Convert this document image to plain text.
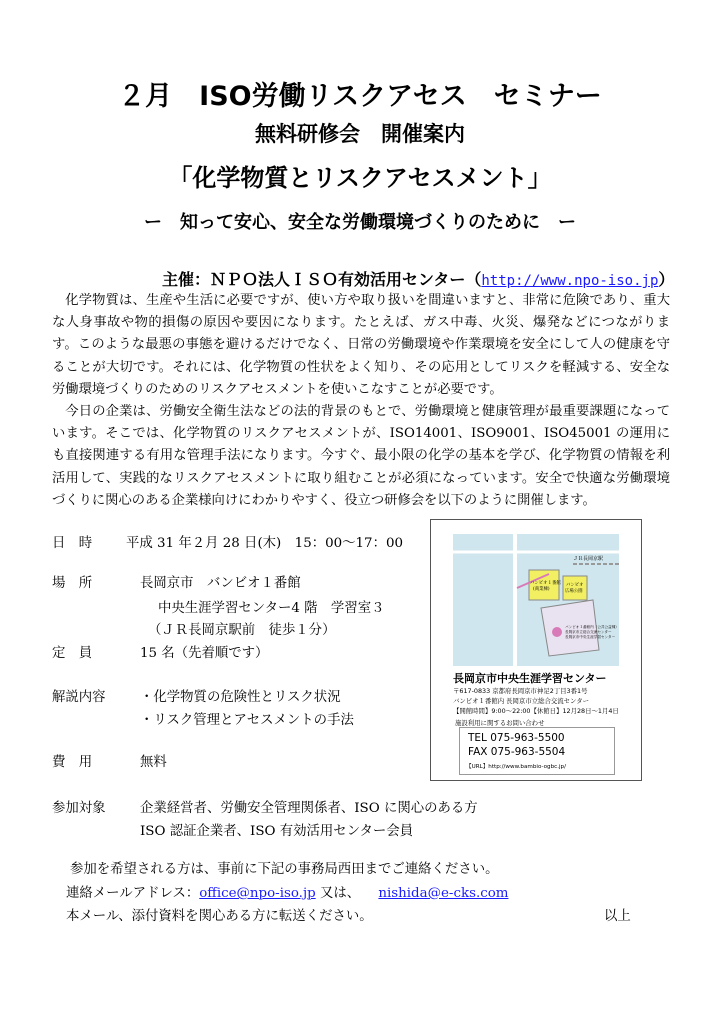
２月　ISO労働リスクアセス　セミナー
無料研修会　開催案内
「化学物質とリスクアセスメント」
ー　知って安心、安全な労働環境づくりのために　ー
主催：ＮＰＯ法人ＩＳＯ有効活用センター（http://www.npo-iso.jp）

化学物質は、生産や生活に必要ですが、使い方や取り扱いを間違いますと、非常に危険であり、重大な人身事故や物的損傷の原因や要因になります。たとえば、ガス中毒、火災、爆発などにつながります。このような最悪の事態を避けるだけでなく、日常の労働環境や作業環境を安全にして人の健康を守ることが大切です。それには、化学物質の性状をよく知り、その応用としてリスクを軽減する、安全な労働環境づくりのためのリスクアセスメントを使いこなすことが必要です。

今日の企業は、労働安全衛生法などの法的背景のもとで、労働環境と健康管理が最重要課題になっています。そこでは、化学物質のリスクアセスメントが、ISO14001、ISO9001、ISO45001 の運用にも直接関連する有用な管理手法になります。今すぐ、最小限の化学の基本を学び、化学物質の情報を利活用して、実践的なリスクアセスメントに取り組むことが必須になっています。安全で快適な労働環境づくりに関心のある企業様向けにわかりやすく、役立つ研修会を以下のように開催します。

日　時	平成 31 年２月 28 日(木)　15：00～17：00
場　所	長岡京市　バンビオ１番館
中央生涯学習センター4 階　学習室３
（ＪＲ長岡京駅前　徒歩１分）
定　員	15 名（先着順です）
解説内容	・化学物質の危険性とリスク状況
・リスク管理とアセスメントの手法
費　用	無料
参加対象	企業経営者、労働安全管理関係者、ISO に関心のある方
ISO 認証企業者、ISO 有効活用センター会員
ＪＲ長岡京駅
バンビオ１番館
(商業棟)
バンビオ
広場公園
バンビオ１番館内（公共公益棟）
長岡京市立総合交流センター
長岡京市中央生涯学習センター
長岡京市中央生涯学習センター
〒617-0833 京都府長岡京市神足2丁目3番1号
バンビオ１番館内 長岡京市立総合交流センター
【開館時間】9:00～22:00【休館日】12月28日～1月4日
施設利用に関するお問い合わせ
TEL 075-963-5500
FAX 075-963-5504
【URL】http://www.bambio-ogbc.jp/
参加を希望される方は、事前に下記の事務局西田までご連絡ください。
連絡メールアドレス：office@npo-iso.jp 又は、 nishida@e-cks.com
本メール、添付資料を関心ある方に転送ください。	以上
